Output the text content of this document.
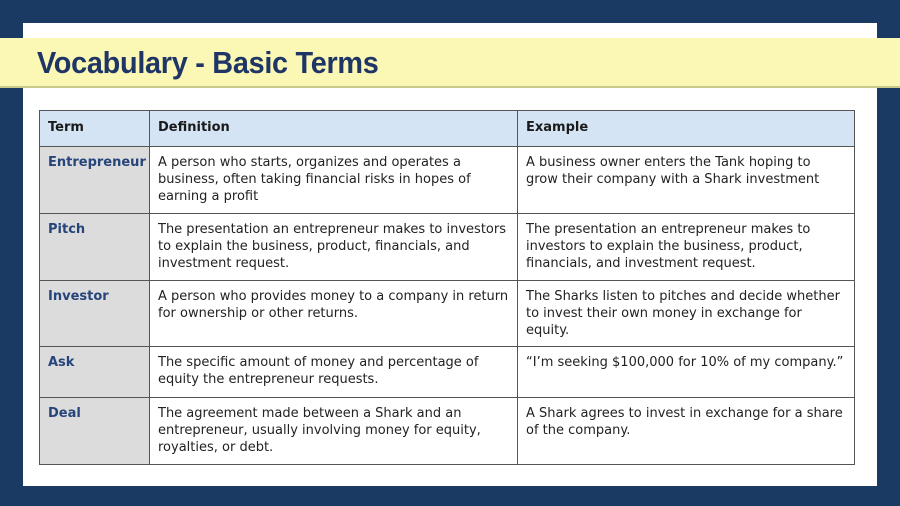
Vocabulary - Basic Terms
Term	Definition	Example
Entrepreneur	A person who starts, organizes and operates a business, often taking financial risks in hopes of earning a profit	A business owner enters the Tank hoping to grow their company with a Shark investment
Pitch	The presentation an entrepreneur makes to investors to explain the business, product, financials, and investment request.	The presentation an entrepreneur makes to investors to explain the business, product, financials, and investment request.
Investor	A person who provides money to a company in return for ownership or other returns.	The Sharks listen to pitches and decide whether to invest their own money in exchange for equity.
Ask	The specific amount of money and percentage of equity the entrepreneur requests.	“I’m seeking $100,000 for 10% of my company.”
Deal	The agreement made between a Shark and an entrepreneur, usually involving money for equity, royalties, or debt.	A Shark agrees to invest in exchange for a share of the company.
